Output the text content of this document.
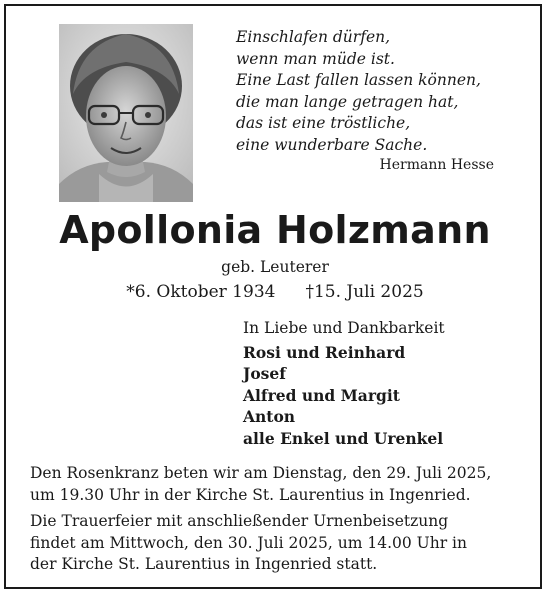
Einschlafen dürfen,
wenn man müde ist.
Eine Last fallen lassen können,
die man lange getragen hat,
das ist eine tröstliche,
eine wunderbare Sache.
Hermann Hesse
Apollonia Holzmann
geb. Leuterer
*6. Oktober 1934 †15. Juli 2025
In Liebe und Dankbarkeit
Rosi und Reinhard
Josef
Alfred und Margit
Anton
alle Enkel und Urenkel
Den Rosenkranz beten wir am Dienstag, den 29. Juli 2025,
um 19.30 Uhr in der Kirche St. Laurentius in Ingenried.
Die Trauerfeier mit anschließender Urnenbeisetzung
findet am Mittwoch, den 30. Juli 2025, um 14.00 Uhr in
der Kirche St. Laurentius in Ingenried statt.
